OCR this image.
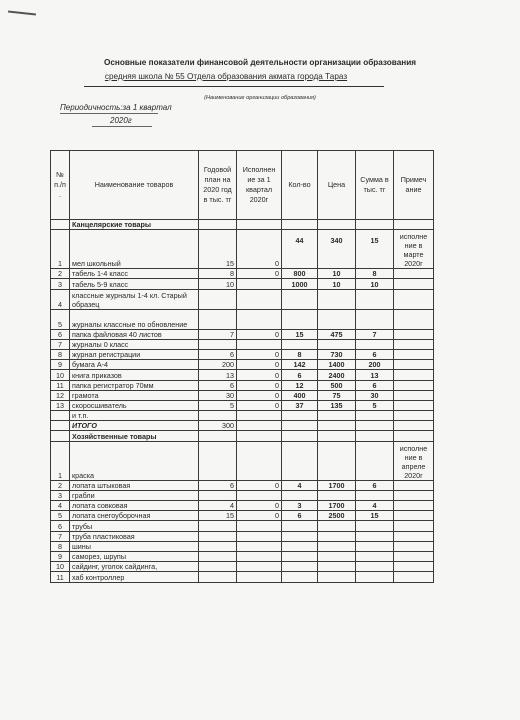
Основные показатели финансовой деятельности организации образования
средняя школа № 55 Отдела образования акмата города Тараз
(Наименование организации образования)
Периодичность:за 1 квартал
2020г
№ п./п .	Наименование товаров	Годовой план на 2020 год в тыс. тг	Исполнен ие за 1 квартал 2020г	Кол-во	Цена	Сумма в тыс. тг	Примеч ание
	Канцелярские товары						
1	мел школьный	15	0	44	340	15	исполне ние в марте 2020г
2	табель 1-4 класс	8	0	800	10	8	
3	табель 5-9 класс	10		1000	10	10	
4	классные журналы 1-4 кл. Старый образец						
5	журналы классные по обновление						
6	папка файловая 40 листов	7	0	15	475	7	
7	журналы 0 класс						
8	журнал регистрации	6	0	8	730	6	
9	бумага А-4	200	0	142	1400	200	
10	книга приказов	13	0	6	2400	13	
11	папка регистратор 70мм	6	0	12	500	6	
12	грамота	30	0	400	75	30	
13	скоросшиватель	5	0	37	135	5	
	и т.п.						
	ИТОГО	300					
	Хозяйственные товары						
1	краска						исполне ние в апреле 2020г
2	лопата штыковая	6	0	4	1700	6	
3	грабли						
4	лопата совковая	4	0	3	1700	4	
5	лопата снегоуборочная	15	0	6	2500	15	
6	трубы						
7	труба пластиковая						
8	шины						
9	саморез, шрупы						
10	сайдинг, уголок сайдинга,						
11	хаб контроллер						
